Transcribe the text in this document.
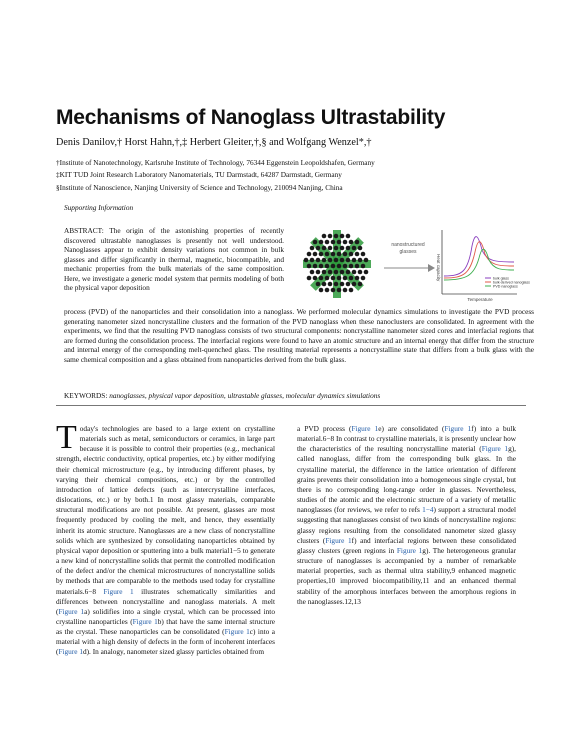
Mechanisms of Nanoglass Ultrastability
Denis Danilov,† Horst Hahn,†,‡ Herbert Gleiter,†,§ and Wolfgang Wenzel*,†
†Institute of Nanotechnology, Karlsruhe Institute of Technology, 76344 Eggenstein Leopoldshafen, Germany
‡KIT TUD Joint Research Laboratory Nanomaterials, TU Darmstadt, 64287 Darmstadt, Germany
§Institute of Nanoscience, Nanjing University of Science and Technology, 210094 Nanjing, China
Supporting Information
ABSTRACT: The origin of the astonishing properties of recently discovered ultrastable nanoglasses is presently not well understood. Nanoglasses appear to exhibit density variations not common in bulk glasses and differ significantly in thermal, magnetic, biocompatible, and mechanic properties from the bulk materials of the same composition. Here, we investigate a generic model system that permits modeling of both the physical vapor deposition
nanostructured
glasses
Heat capacity
Temperature
bulk glass
bulk-derived nanoglass
PVD nanoglass
process (PVD) of the nanoparticles and their consolidation into a nanoglass. We performed molecular dynamics simulations to investigate the PVD process generating nanometer sized noncrystalline clusters and the formation of the PVD nanoglass when these nanoclusters are consolidated. In agreement with the experiments, we find that the resulting PVD nanoglass consists of two structural components: noncrystalline nanometer sized cores and interfacial regions that are formed during the consolidation process. The interfacial regions were found to have an atomic structure and an internal energy that differ from the structure and internal energy of the corresponding melt-quenched glass. The resulting material represents a noncrystalline state that differs from a bulk glass with the same chemical composition and a glass obtained from nanoparticles derived from the bulk glass.
KEYWORDS: nanoglasses, physical vapor deposition, ultrastable glasses, molecular dynamics simulations
Today's technologies are based to a large extent on crystalline materials such as metal, semiconductors or ceramics, in large part because it is possible to control their properties (e.g., mechanical strength, electric conductivity, optical properties, etc.) by either modifying their chemical microstructure (e.g., by introducing different phases, by varying their chemical compositions, etc.) or by the controlled introduction of lattice defects (such as intercrystalline interfaces, dislocations, etc.) or by both.1 In most glassy materials, comparable structural modifications are not possible. At present, glasses are most frequently produced by cooling the melt, and hence, they essentially inherit its atomic structure. Nanoglasses are a new class of noncrystalline solids which are synthesized by consolidating nanoparticles obtained by physical vapor deposition or sputtering into a bulk material1−5 to generate a new kind of noncrystalline solids that permit the controlled modification of the defect and/or the chemical microstructures of noncrystalline solids by methods that are comparable to the methods used today for crystalline materials.6−8 Figure 1 illustrates schematically similarities and differences between noncrystalline and nanoglass materials. A melt (Figure 1a) solidifies into a single crystal, which can be processed into crystalline nanoparticles (Figure 1b) that have the same internal structure as the crystal. These nanoparticles can be consolidated (Figure 1c) into a material with a high density of defects in the form of incoherent interfaces (Figure 1d). In analogy, nanometer sized glassy particles obtained from
a PVD process (Figure 1e) are consolidated (Figure 1f) into a bulk material.6−8 In contrast to crystalline materials, it is presently unclear how the characteristics of the resulting noncrystalline material (Figure 1g), called nanoglass, differ from the corresponding bulk glass. In the crystalline material, the difference in the lattice orientation of different grains prevents their consolidation into a homogeneous single crystal, but there is no corresponding long-range order in glasses. Nevertheless, studies of the atomic and the electronic structure of a variety of metallic nanoglasses (for reviews, we refer to refs 1−4) support a structural model suggesting that nanoglasses consist of two kinds of noncrystalline regions: glassy regions resulting from the consolidated nanometer sized glassy clusters (Figure 1f) and interfacial regions between these consolidated glassy clusters (green regions in Figure 1g). The heterogeneous granular structure of nanoglasses is accompanied by a number of remarkable material properties, such as thermal ultra stability,9 enhanced magnetic properties,10 improved biocompatibility,11 and an enhanced thermal stability of the amorphous interfaces between the amorphous regions in the nanoglasses.12,13
